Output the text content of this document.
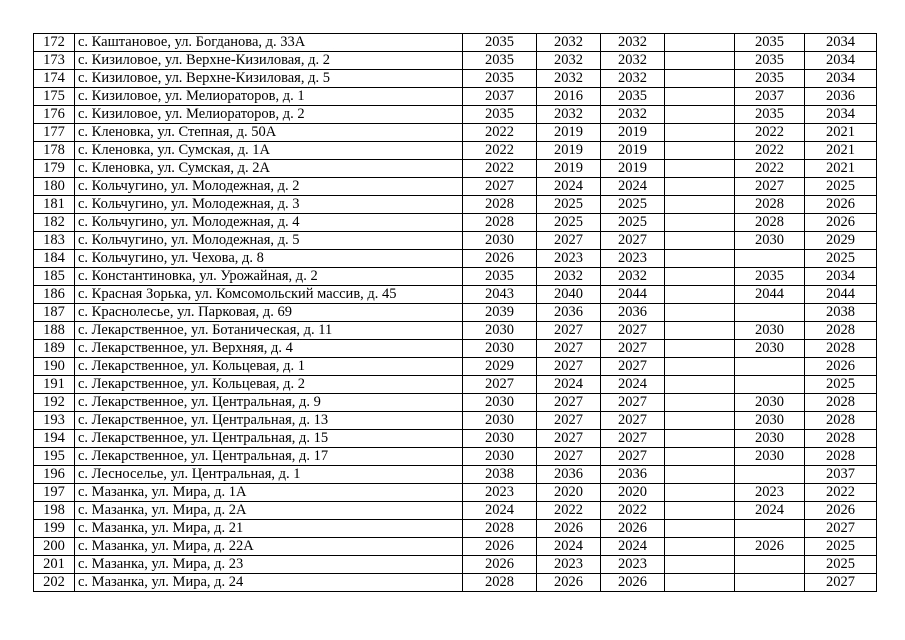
172	с. Каштановое, ул. Богданова, д. 33А	2035	2032	2032		2035	2034
173	с. Кизиловое, ул. Верхне-Кизиловая, д. 2	2035	2032	2032		2035	2034
174	с. Кизиловое, ул. Верхне-Кизиловая, д. 5	2035	2032	2032		2035	2034
175	с. Кизиловое, ул. Мелиораторов, д. 1	2037	2016	2035		2037	2036
176	с. Кизиловое, ул. Мелиораторов, д. 2	2035	2032	2032		2035	2034
177	с. Кленовка, ул. Степная, д. 50А	2022	2019	2019		2022	2021
178	с. Кленовка, ул. Сумская, д. 1А	2022	2019	2019		2022	2021
179	с. Кленовка, ул. Сумская, д. 2А	2022	2019	2019		2022	2021
180	с. Кольчугино, ул. Молодежная, д. 2	2027	2024	2024		2027	2025
181	с. Кольчугино, ул. Молодежная, д. 3	2028	2025	2025		2028	2026
182	с. Кольчугино, ул. Молодежная, д. 4	2028	2025	2025		2028	2026
183	с. Кольчугино, ул. Молодежная, д. 5	2030	2027	2027		2030	2029
184	с. Кольчугино, ул. Чехова, д. 8	2026	2023	2023			2025
185	с. Константиновка, ул. Урожайная, д. 2	2035	2032	2032		2035	2034
186	с. Красная Зорька, ул. Комсомольский массив, д. 45	2043	2040	2044		2044	2044
187	с. Краснолесье, ул. Парковая, д. 69	2039	2036	2036			2038
188	с. Лекарственное, ул. Ботаническая, д. 11	2030	2027	2027		2030	2028
189	с. Лекарственное, ул. Верхняя, д. 4	2030	2027	2027		2030	2028
190	с. Лекарственное, ул. Кольцевая, д. 1	2029	2027	2027			2026
191	с. Лекарственное, ул. Кольцевая, д. 2	2027	2024	2024			2025
192	с. Лекарственное, ул. Центральная, д. 9	2030	2027	2027		2030	2028
193	с. Лекарственное, ул. Центральная, д. 13	2030	2027	2027		2030	2028
194	с. Лекарственное, ул. Центральная, д. 15	2030	2027	2027		2030	2028
195	с. Лекарственное, ул. Центральная, д. 17	2030	2027	2027		2030	2028
196	с. Лесноселье, ул. Центральная, д. 1	2038	2036	2036			2037
197	с. Мазанка, ул. Мира, д. 1А	2023	2020	2020		2023	2022
198	с. Мазанка, ул. Мира, д. 2А	2024	2022	2022		2024	2026
199	с. Мазанка, ул. Мира, д. 21	2028	2026	2026			2027
200	с. Мазанка, ул. Мира, д. 22А	2026	2024	2024		2026	2025
201	с. Мазанка, ул. Мира, д. 23	2026	2023	2023			2025
202	с. Мазанка, ул. Мира, д. 24	2028	2026	2026			2027
